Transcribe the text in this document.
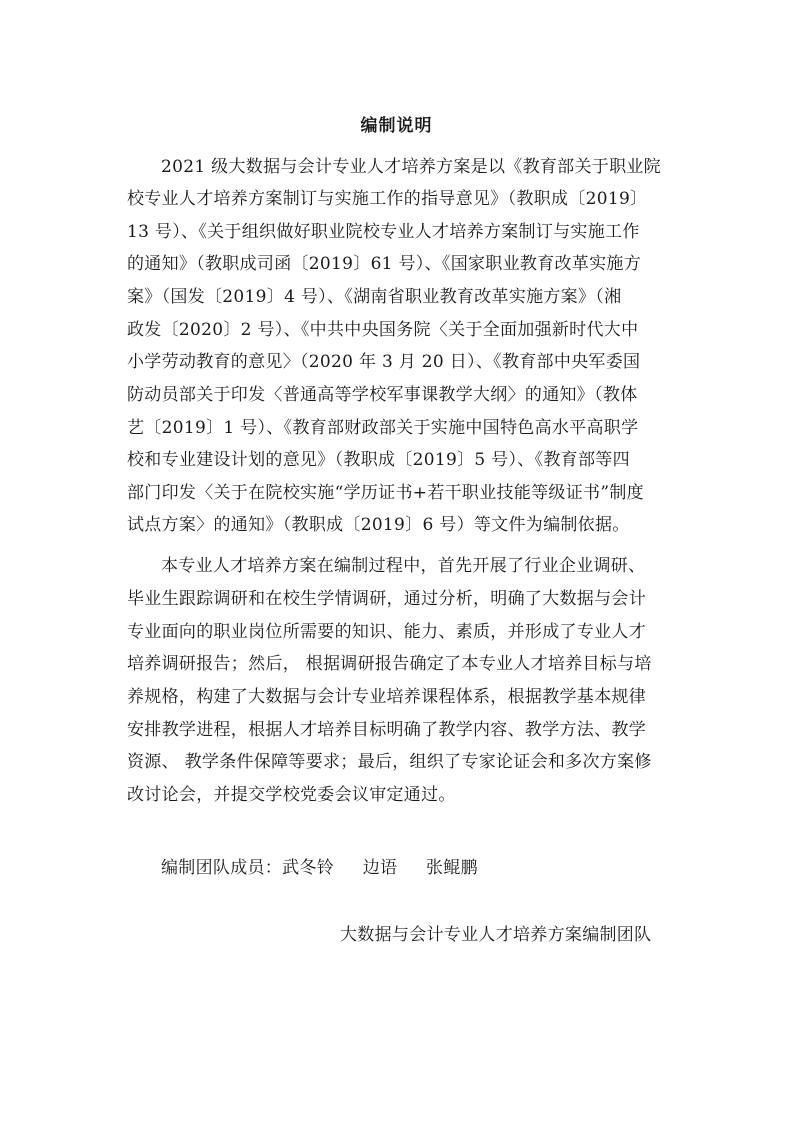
编制说明
2021 级大数据与会计专业人才培养方案是以《教育部关于职业院
校专业人才培养方案制订与实施工作的指导意见》（教职成〔2019〕
13 号）、《关于组织做好职业院校专业人才培养方案制订与实施工作
的通知》（教职成司函〔2019〕61 号）、《国家职业教育改革实施方
案》（国发〔2019〕4 号）、《湖南省职业教育改革实施方案》（湘
政发〔2020〕2 号）、《中共中央国务院〈关于全面加强新时代大中
小学劳动教育的意见〉（2020 年 3 月 20 日）、《教育部中央军委国
防动员部关于印发〈普通高等学校军事课教学大纲〉的通知》（教体
艺〔2019〕1 号）、《教育部财政部关于实施中国特色高水平高职学
校和专业建设计划的意见》（教职成〔2019〕5 号）、《教育部等四
部门印发〈关于在院校实施“学历证书+若干职业技能等级证书”制度
试点方案〉的通知》（教职成〔2019〕6 号）等文件为编制依据。
本专业人才培养方案在编制过程中，首先开展了行业企业调研、
毕业生跟踪调研和在校生学情调研，通过分析，明确了大数据与会计
专业面向的职业岗位所需要的知识、能力、素质，并形成了专业人才
培养调研报告；然后， 根据调研报告确定了本专业人才培养目标与培
养规格，构建了大数据与会计专业培养课程体系，根据教学基本规律
安排教学进程，根据人才培养目标明确了教学内容、教学方法、教学
资源、 教学条件保障等要求；最后，组织了专家论证会和多次方案修
改讨论会，并提交学校党委会议审定通过。
编制团队成员：武冬铃 　 边语 　 张鲲鹏
大数据与会计专业人才培养方案编制团队
